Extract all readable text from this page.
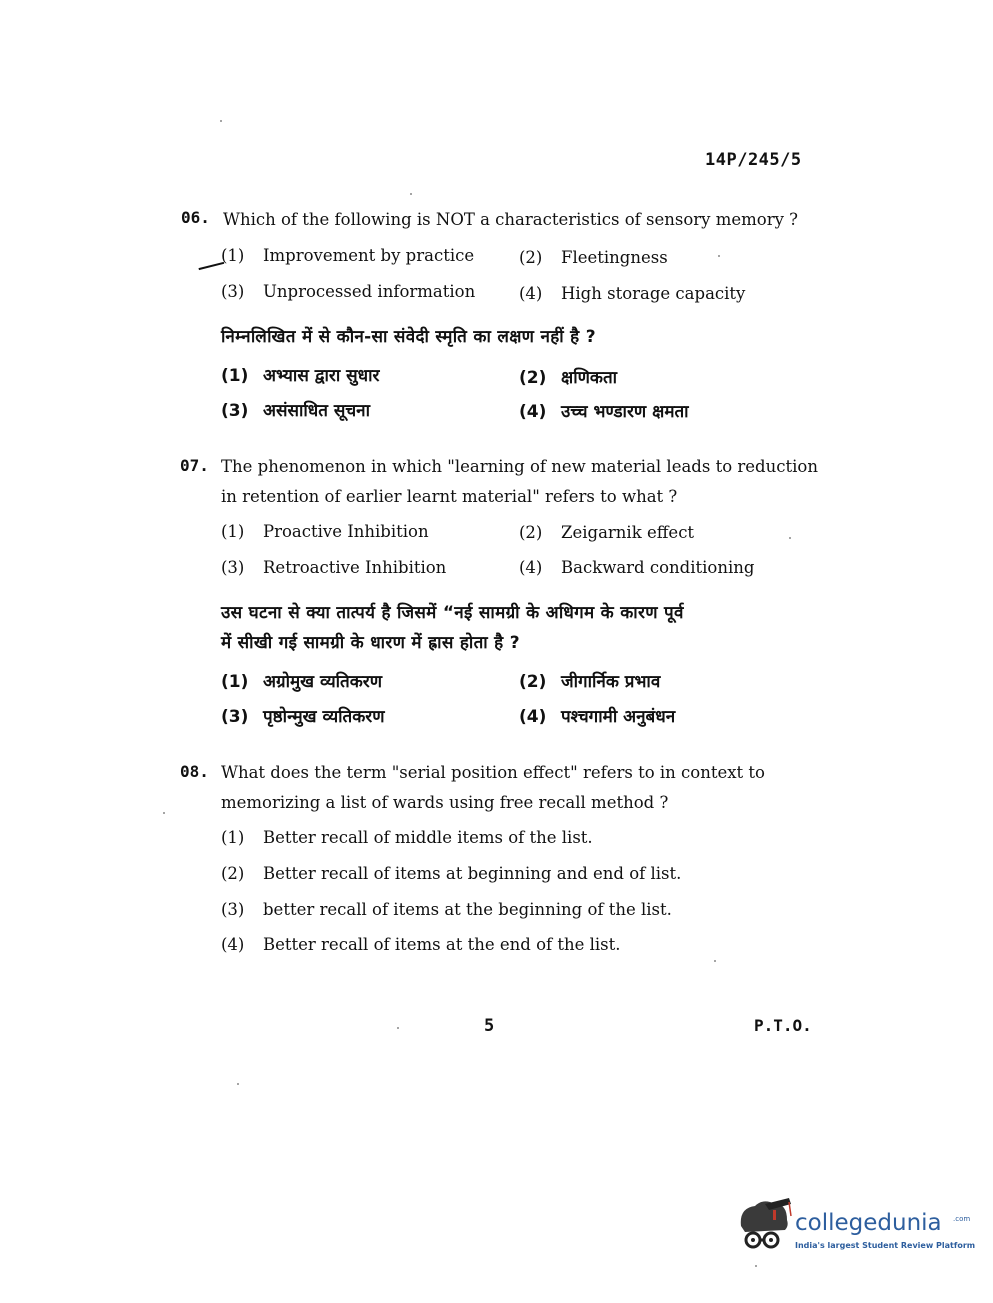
14P/245/5
06. Which of the following is NOT a characteristics of sensory memory ?
(1) Improvement by practice	(2) Fleetingness
(3) Unprocessed information	(4) High storage capacity
निम्नलिखित में से कौन-सा संवेदी स्मृति का लक्षण नहीं है ?
(1) अभ्यास द्वारा सुधार	(2) क्षणिकता
(3) असंसाधित सूचना	(4) उच्च भण्डारण क्षमता
07. The phenomenon in which "learning of new material leads to reduction
in retention of earlier learnt material" refers to what ?
(1) Proactive Inhibition	(2) Zeigarnik effect
(3) Retroactive Inhibition	(4) Backward conditioning
उस घटना से क्या तात्पर्य है जिसमें “नई सामग्री के अधिगम के कारण पूर्व
में सीखी गई सामग्री के धारण में ह्रास होता है ?
(1) अग्रोमुख व्यतिकरण	(2) जीगार्निक प्रभाव
(3) पृष्ठोन्मुख व्यतिकरण	(4) पश्चगामी अनुबंधन
08. What does the term "serial position effect" refers to in context to
memorizing a list of wards using free recall method ?
(1) Better recall of middle items of the list.
(2) Better recall of items at beginning and end of list.
(3) better recall of items at the beginning of the list.
(4) Better recall of items at the end of the list.
5	P.T.O.
collegedunia .com
India's largest Student Review Platform
